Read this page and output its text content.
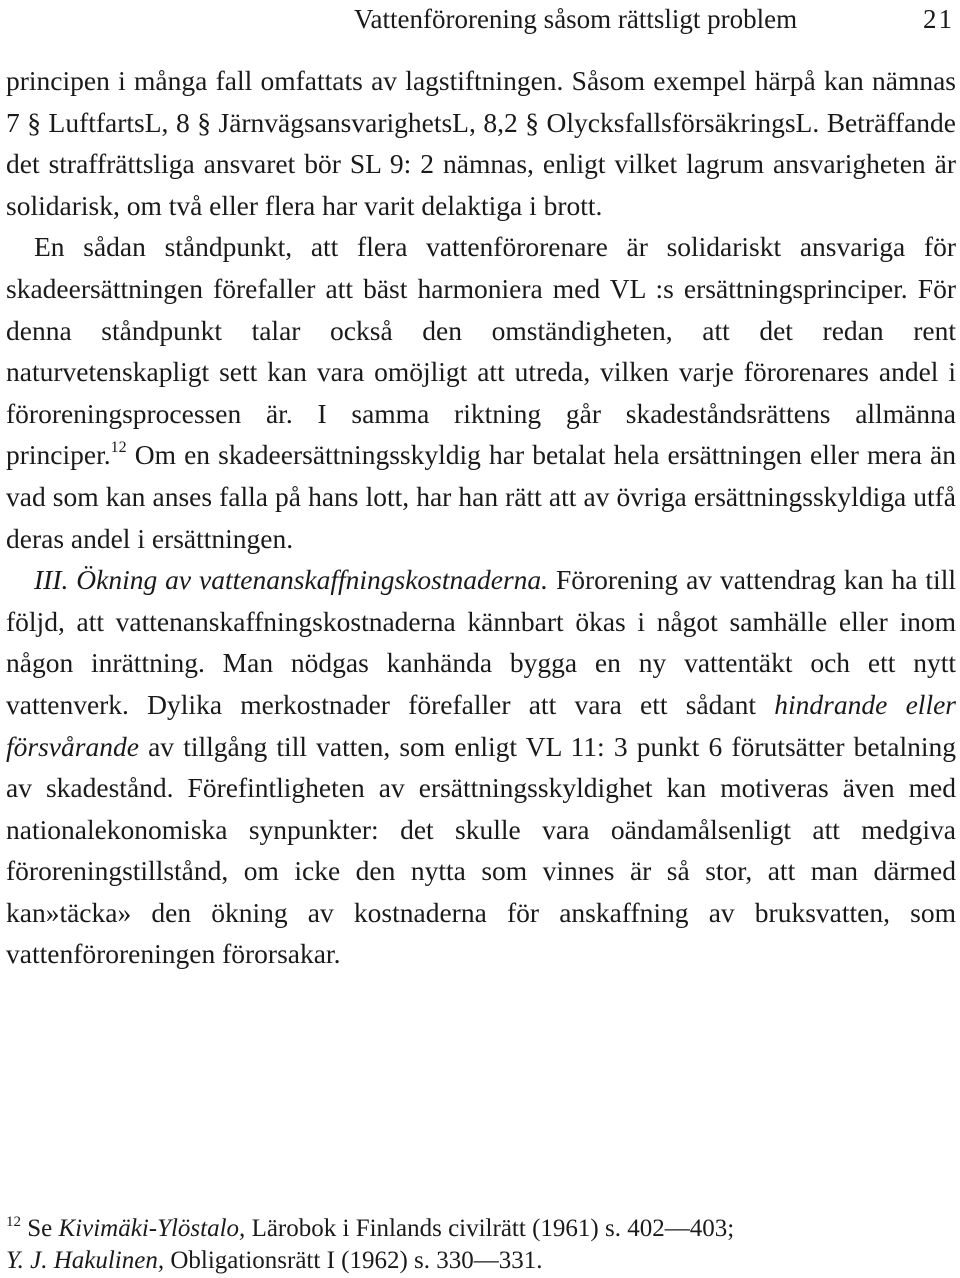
Vattenförorening såsom rättsligt problem	21

principen i många fall omfattats av lagstiftningen. Såsom exempel härpå kan nämnas 7 § LuftfartsL, 8 § JärnvägsansvarighetsL, 8,2 § OlycksfallsförsäkringsL. Beträffande det straffrättsliga ansvaret bör SL 9: 2 nämnas, enligt vilket lagrum ansvarigheten är solidarisk, om två eller flera har varit delaktiga i brott.

En sådan ståndpunkt, att flera vattenförorenare är solidariskt ansvariga för skadeersättningen förefaller att bäst harmoniera med VL :s ersättningsprinciper. För denna ståndpunkt talar också den omständigheten, att det redan rent naturvetenskapligt sett kan vara omöjligt att utreda, vilken varje förorenares andel i föroreningsprocessen är. I samma riktning går skadeståndsrättens allmänna principer.$^{12}$ Om en skadeersättningsskyldig har betalat hela ersättningen eller mera än vad som kan anses falla på hans lott, har han rätt att av övriga ersättningsskyldiga utfå deras andel i ersättningen.

III. Ökning av vattenanskaffningskostnaderna. Förorening av vattendrag kan ha till följd, att vattenanskaffningskostnaderna kännbart ökas i något samhälle eller inom någon inrättning. Man nödgas kanhända bygga en ny vattentäkt och ett nytt vattenverk. Dylika merkostnader förefaller att vara ett sådant hindrande eller försvårande av tillgång till vatten, som enligt VL 11: 3 punkt 6 förutsätter betalning av skadestånd. Förefintligheten av ersättningsskyldighet kan motiveras även med nationalekonomiska synpunkter: det skulle vara oändamålsenligt att medgiva föroreningstillstånd, om icke den nytta som vinnes är så stor, att man därmed kan»täcka» den ökning av kostnaderna för anskaffning av bruksvatten, som vattenföroreningen förorsakar.

$^{12}$ Se Kivimäki-Ylöstalo, Lärobok i Finlands civilrätt (1961) s. 402—403;
Y. J. Hakulinen, Obligationsrätt I (1962) s. 330—331.
